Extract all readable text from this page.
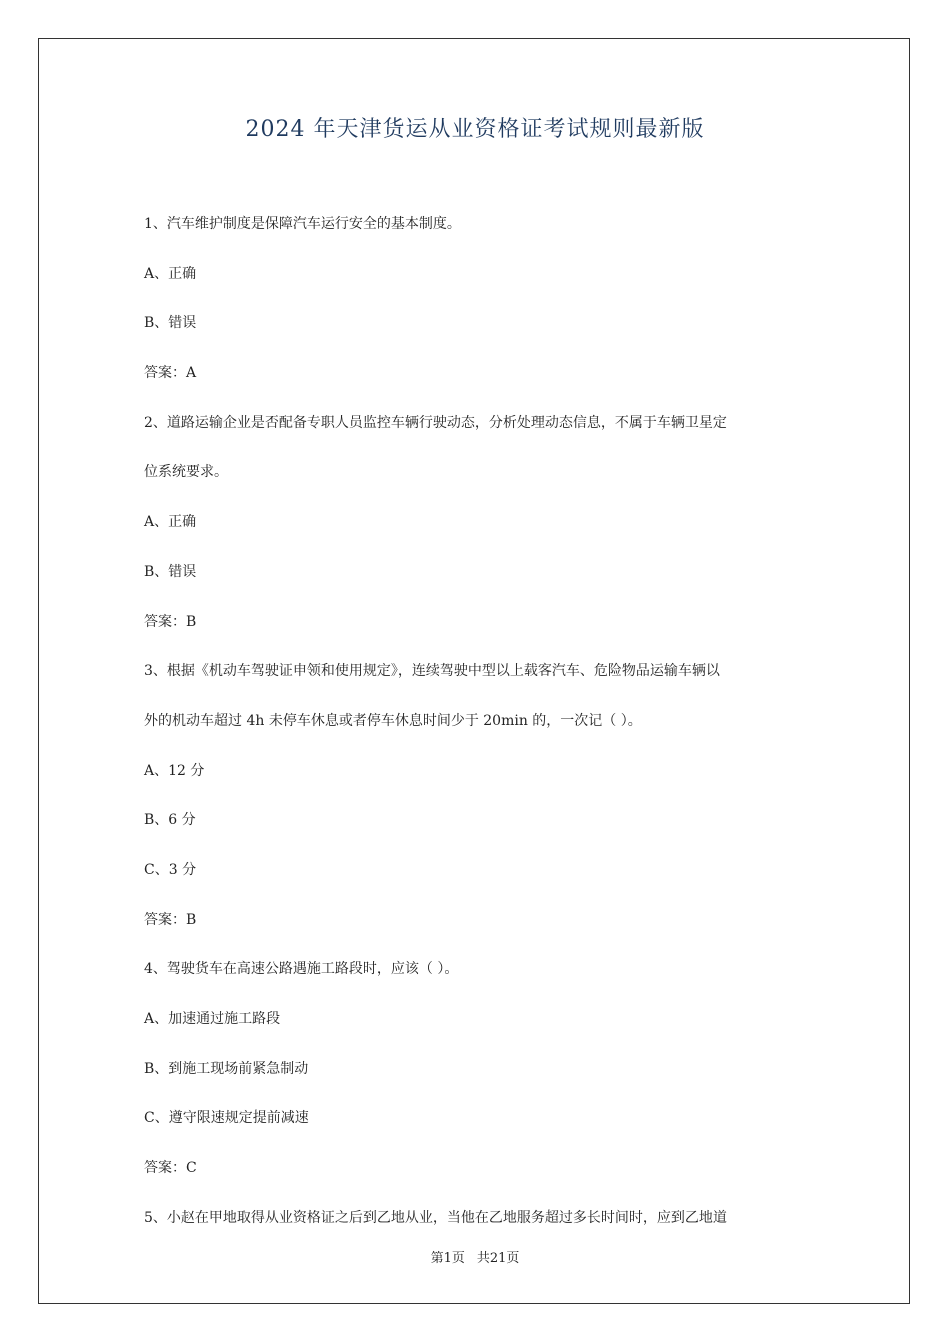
2024 年天津货运从业资格证考试规则最新版
1、汽车维护制度是保障汽车运行安全的基本制度。
A、正确
B、错误
答案：A
2、道路运输企业是否配备专职人员监控车辆行驶动态，分析处理动态信息，不属于车辆卫星定
位系统要求。
A、正确
B、错误
答案：B
3、根据《机动车驾驶证申领和使用规定》，连续驾驶中型以上载客汽车、危险物品运输车辆以
外的机动车超过 4h 未停车休息或者停车休息时间少于 20min 的，一次记（ ）。
A、12 分
B、6 分
C、3 分
答案：B
4、驾驶货车在高速公路遇施工路段时，应该（ ）。
A、加速通过施工路段
B、到施工现场前紧急制动
C、遵守限速规定提前减速
答案：C
5、小赵在甲地取得从业资格证之后到乙地从业，当他在乙地服务超过多长时间时，应到乙地道
第1页 共21页
